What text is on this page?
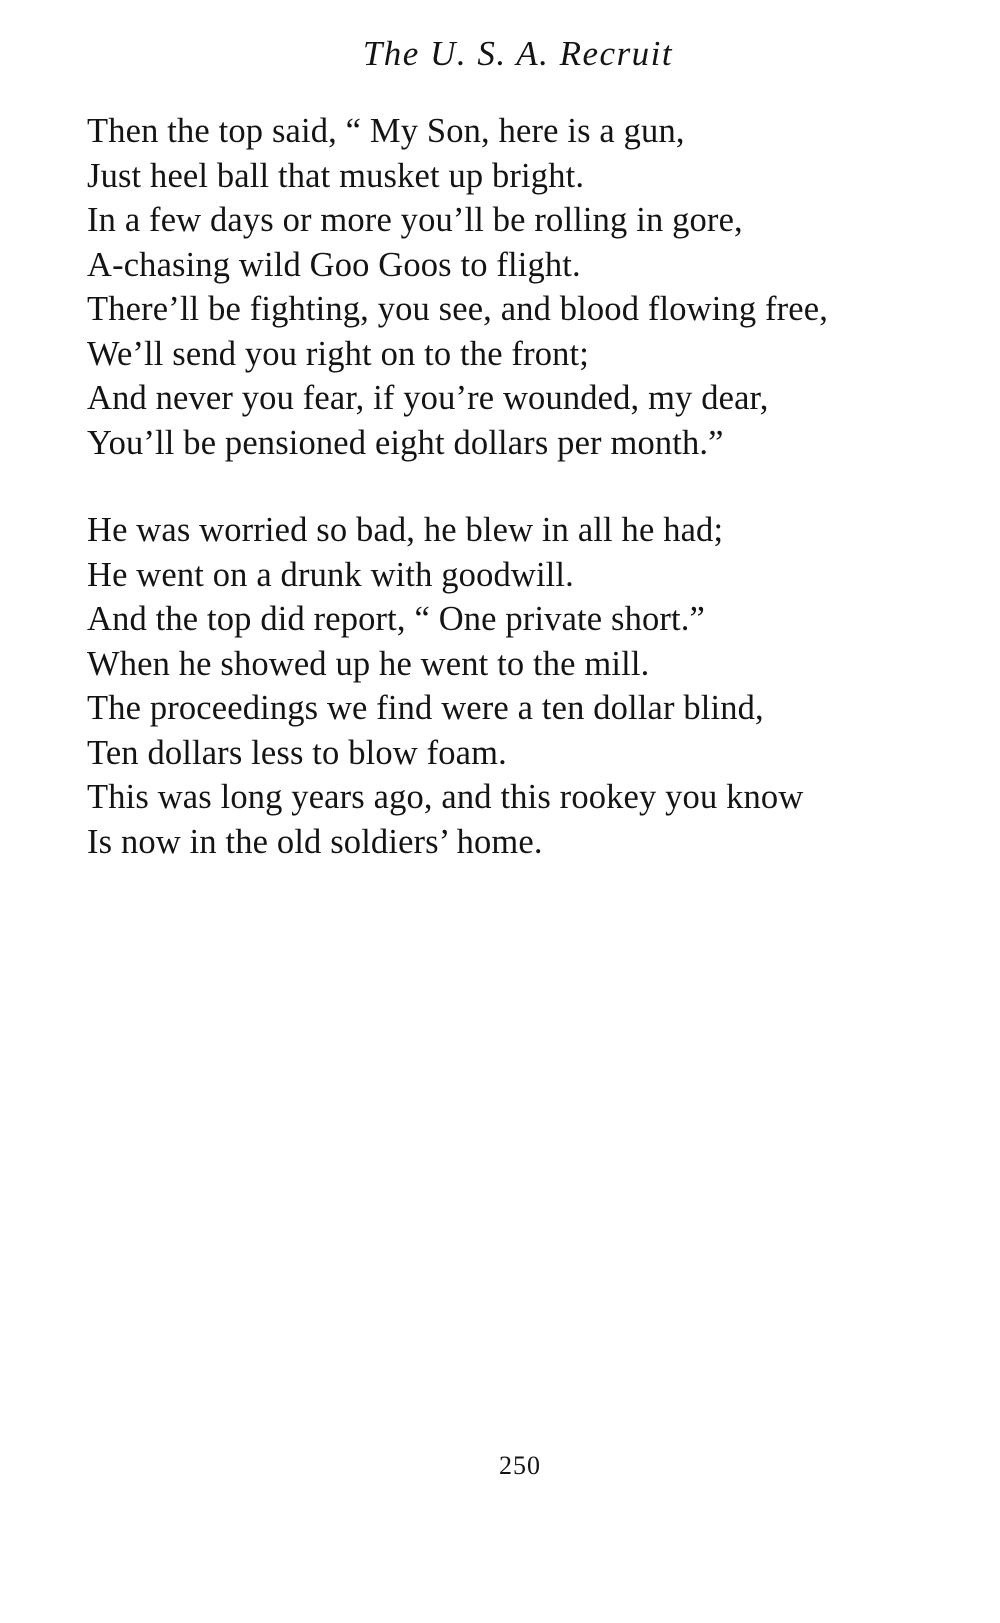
The U. S. A. Recruit
Then the top said, “ My Son, here is a gun,
Just heel ball that musket up bright.
In a few days or more you’ll be rolling in gore,
A-chasing wild Goo Goos to flight.
There’ll be fighting, you see, and blood flowing free,
We’ll send you right on to the front;
And never you fear, if you’re wounded, my dear,
You’ll be pensioned eight dollars per month.”
He was worried so bad, he blew in all he had;
He went on a drunk with goodwill.
And the top did report, “ One private short.”
When he showed up he went to the mill.
The proceedings we find were a ten dollar blind,
Ten dollars less to blow foam.
This was long years ago, and this rookey you know
Is now in the old soldiers’ home.
250
